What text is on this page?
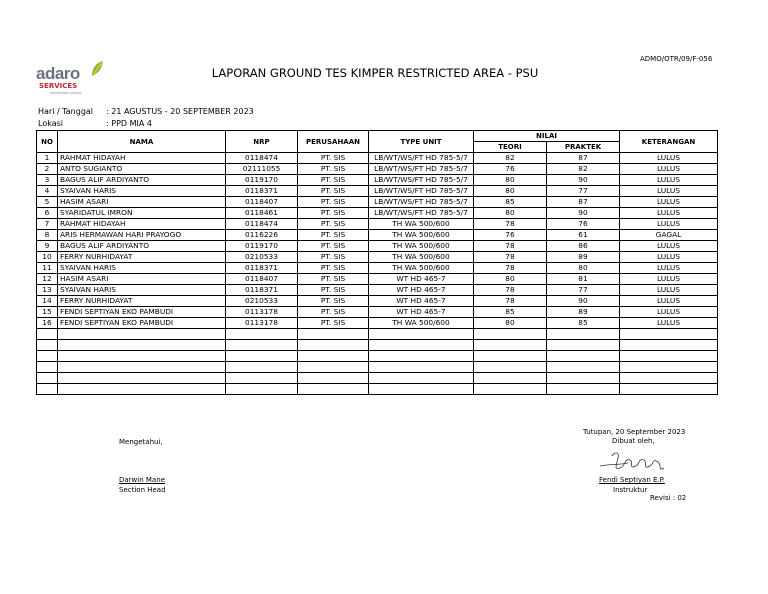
ADMO/OTR/09/F-056
adaro
SERVICES
Integrated mining
LAPORAN GROUND TES KIMPER RESTRICTED AREA - PSU
Hari / Tanggal : 21 AGUSTUS - 20 SEPTEMBER 2023
Lokasi	: PPD MIA 4
NO	NAMA	NRP	PERUSAHAAN	TYPE UNIT	NILAI		KETERANGAN
					TEORI	PRAKTEK	
1	RAHMAT HIDAYAH	0118474	PT. SIS	LB/WT/WS/FT HD 785-5/7	82	87	LULUS
2	ANTO SUGIANTO	02111055	PT. SIS	LB/WT/WS/FT HD 785-5/7	76	82	LULUS
3	BAGUS ALIF ARDIYANTO	0119170	PT. SIS	LB/WT/WS/FT HD 785-5/7	80	90	LULUS
4	SYAIVAN HARIS	0118371	PT. SIS	LB/WT/WS/FT HD 785-5/7	80	77	LULUS
5	HASIM ASARI	0118407	PT. SIS	LB/WT/WS/FT HD 785-5/7	85	87	LULUS
6	SYARIDATUL IMRON	0118461	PT. SIS	LB/WT/WS/FT HD 785-5/7	80	90	LULUS
7	RAHMAT HIDAYAH	0118474	PT. SIS	TH WA 500/600	78	76	LULUS
8	ARIS HERMAWAN HARI PRAYOGO	0116226	PT. SIS	TH WA 500/600	76	61	GAGAL
9	BAGUS ALIF ARDIYANTO	0119170	PT. SIS	TH WA 500/600	78	86	LULUS
10	FERRY NURHIDAYAT	0210533	PT. SIS	TH WA 500/600	78	89	LULUS
11	SYAIVAN HARIS	0118371	PT. SIS	TH WA 500/600	78	80	LULUS
12	HASIM ASARI	0118407	PT. SIS	WT HD 465-7	80	81	LULUS
13	SYAIVAN HARIS	0118371	PT. SIS	WT HD 465-7	78	77	LULUS
14	FERRY NURHIDAYAT	0210533	PT. SIS	WT HD 465-7	78	90	LULUS
15	FENDI SEPTIYAN EKO PAMBUDI	0113178	PT. SIS	WT HD 465-7	85	89	LULUS
16	FENDI SEPTIYAN EKO PAMBUDI	0113178	PT. SIS	TH WA 500/600	80	85	LULUS

Mengetahui,
Tutupan, 20 September 2023
Dibuat oleh,
Darwin Mane
Section Head
Fendi Septiyan E.P.
Instruktur
Revisi : 02
